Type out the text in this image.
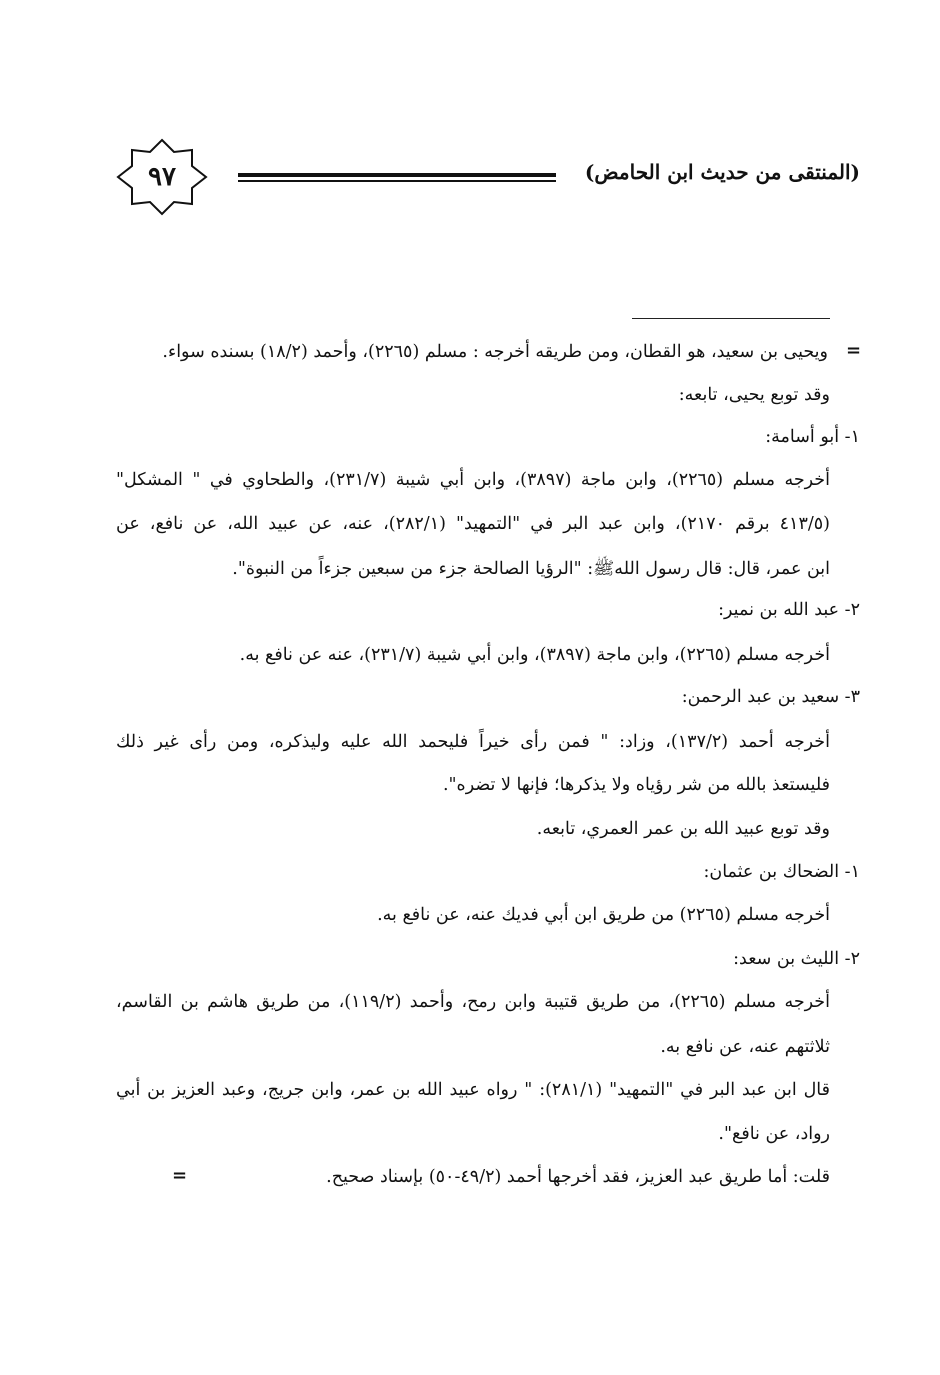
(المنتقى من حديث ابن الحامض)
٩٧
=
ويحيى بن سعيد، هو القطان، ومن طريقه أخرجه : مسلم (٢٢٦٥)، وأحمد (١٨/٢) بسنده سواء.
وقد توبع يحيى، تابعه:
١- أبو أسامة:
أخرجه مسلم (٢٢٦٥)، وابن ماجة (٣٨٩٧)، وابن أبي شيبة (٢٣١/٧)، والطحاوي في " المشكل"
(٤١٣/٥ برقم ٢١٧٠)، وابن عبد البر في "التمهيد" (٢٨٢/١)، عنه، عن عبيد الله، عن نافع، عن
ابن عمر، قال: قال رسول اللهﷺ: "الرؤيا الصالحة جزء من سبعين جزءاً من النبوة".
٢- عبد الله بن نمير:
أخرجه مسلم (٢٢٦٥)، وابن ماجة (٣٨٩٧)، وابن أبي شيبة (٢٣١/٧)، عنه عن نافع به.
٣- سعيد بن عبد الرحمن:
أخرجه أحمد (١٣٧/٢)، وزاد: " فمن رأى خيراً فليحمد الله عليه وليذكره، ومن رأى غير ذلك
فليستعذ بالله من شر رؤياه ولا يذكرها؛ فإنها لا تضره".
وقد توبع عبيد الله بن عمر العمري، تابعه.
١- الضحاك بن عثمان:
أخرجه مسلم (٢٢٦٥) من طريق ابن أبي فديك عنه، عن نافع به.
٢- الليث بن سعد:
أخرجه مسلم (٢٢٦٥)، من طريق قتيبة وابن رمح، وأحمد (١١٩/٢)، من طريق هاشم بن القاسم،
ثلاثتهم عنه، عن نافع به.
قال ابن عبد البر في "التمهيد" (٢٨١/١): " رواه عبيد الله بن عمر، وابن جريج، وعبد العزيز بن أبي
رواد، عن نافع".
قلت: أما طريق عبد العزيز، فقد أخرجها أحمد (٤٩/٢-٥٠) بإسناد صحيح.
=
